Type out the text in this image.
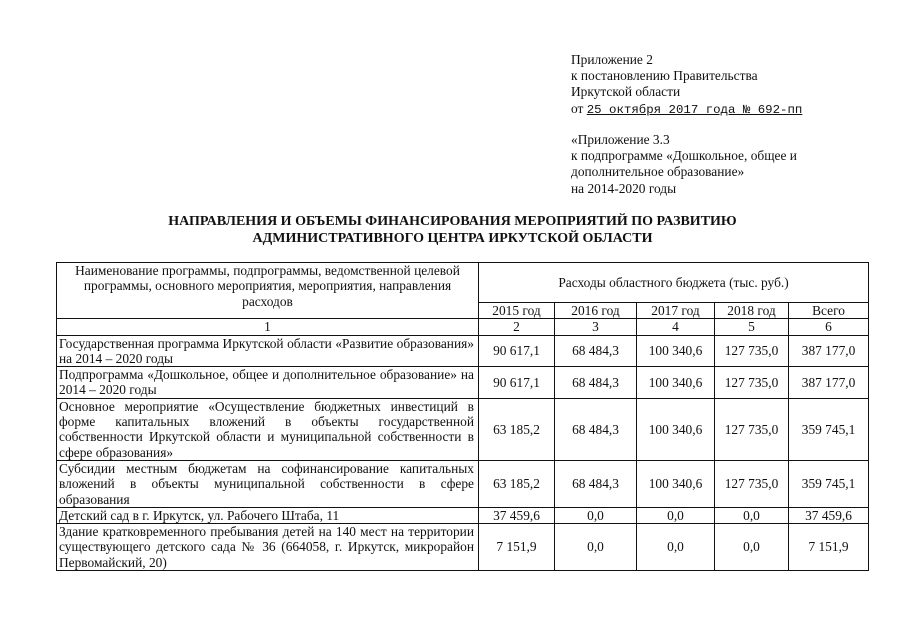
Приложение 2
к постановлению Правительства
Иркутской области
от 25 октября 2017 года № 692-пп
«Приложение 3.3
к подпрограмме «Дошкольное, общее и
дополнительное образование»
на 2014-2020 годы
НАПРАВЛЕНИЯ И ОБЪЕМЫ ФИНАНСИРОВАНИЯ МЕРОПРИЯТИЙ ПО РАЗВИТИЮ
АДМИНИСТРАТИВНОГО ЦЕНТРА ИРКУТСКОЙ ОБЛАСТИ
Наименование программы, подпрограммы, ведомственной целевой программы, основного мероприятия, мероприятия, направления расходов	Расходы областного бюджета (тыс. руб.)				
	2015 год	2016 год	2017 год	2018 год	Всего
1	2	3	4	5	6
Государственная программа Иркутской области «Развитие образования» на 2014 – 2020 годы	90 617,1	68 484,3	100 340,6	127 735,0	387 177,0
Подпрограмма «Дошкольное, общее и дополнительное образование» на 2014 – 2020 годы	90 617,1	68 484,3	100 340,6	127 735,0	387 177,0
Основное мероприятие «Осуществление бюджетных инвестиций в форме капитальных вложений в объекты государственной собственности Иркутской области и муниципальной собственности в сфере образования»	63 185,2	68 484,3	100 340,6	127 735,0	359 745,1
Субсидии местным бюджетам на софинансирование капитальных вложений в объекты муниципальной собственности в сфере образования	63 185,2	68 484,3	100 340,6	127 735,0	359 745,1
Детский сад в г. Иркутск, ул. Рабочего Штаба, 11	37 459,6	0,0	0,0	0,0	37 459,6
Здание кратковременного пребывания детей на 140 мест на территории существующего детского сада № 36 (664058, г. Иркутск, микрорайон Первомайский, 20)	7 151,9	0,0	0,0	0,0	7 151,9
